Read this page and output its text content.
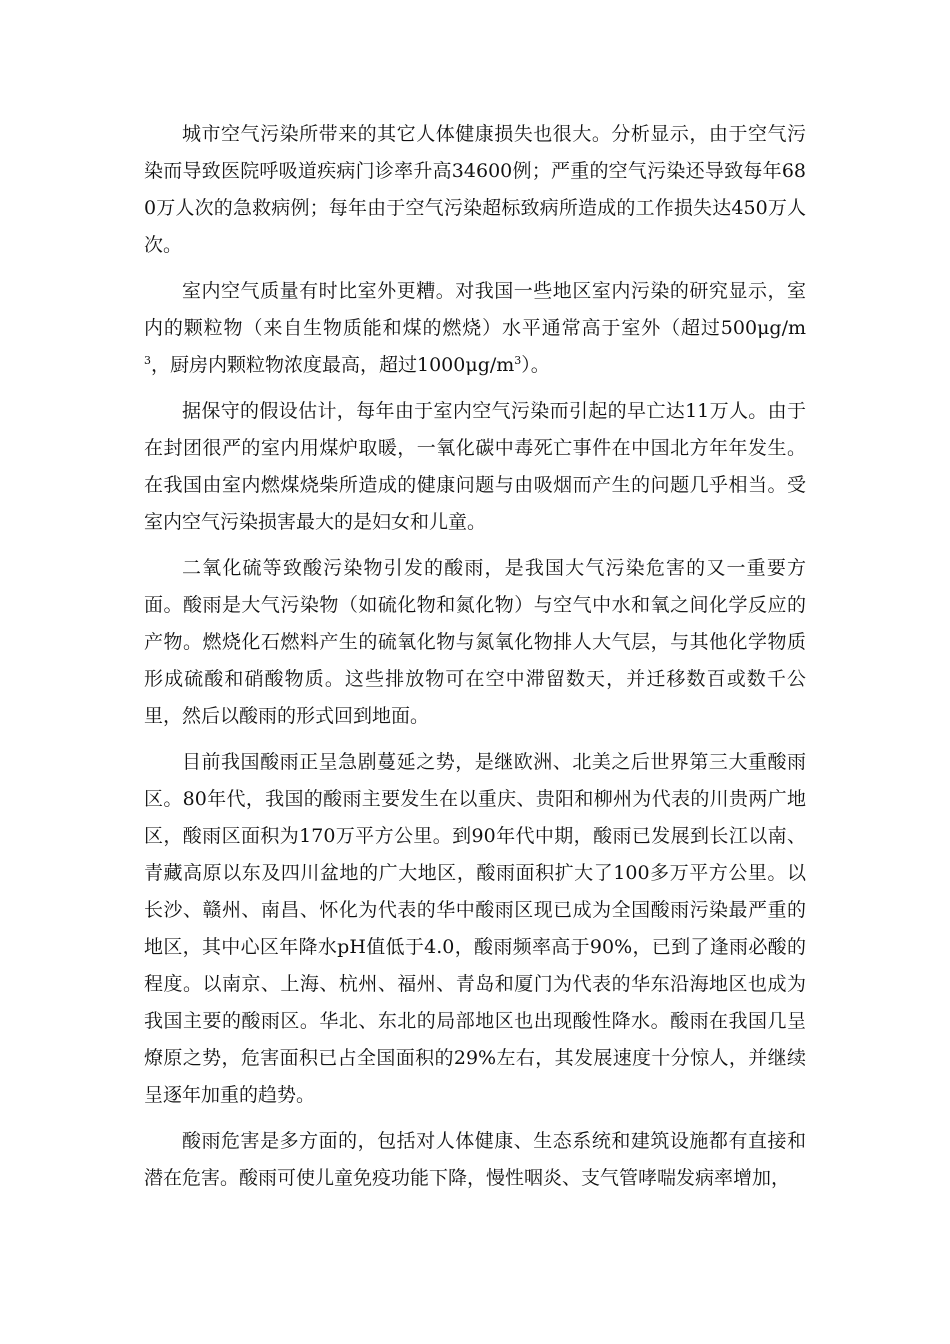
城市空气污染所带来的其它人体健康损失也很大。分析显示，由于空气污染而导致医院呼吸道疾病门诊率升高34600例；严重的空气污染还导致每年680万人次的急救病例；每年由于空气污染超标致病所造成的工作损失达450万人次。

室内空气质量有时比室外更糟。对我国一些地区室内污染的研究显示，室内的颗粒物（来自生物质能和煤的燃烧）水平通常高于室外（超过$500\mu g/m^3$，厨房内颗粒物浓度最高，超过$1000\mu g/m^3$）。

据保守的假设估计，每年由于室内空气污染而引起的早亡达11万人。由于在封团很严的室内用煤炉取暖，一氧化碳中毒死亡事件在中国北方年年发生。在我国由室内燃煤烧柴所造成的健康问题与由吸烟而产生的问题几乎相当。受室内空气污染损害最大的是妇女和儿童。

二氧化硫等致酸污染物引发的酸雨，是我国大气污染危害的又一重要方面。酸雨是大气污染物（如硫化物和氮化物）与空气中水和氧之间化学反应的产物。燃烧化石燃料产生的硫氧化物与氮氧化物排人大气层，与其他化学物质形成硫酸和硝酸物质。这些排放物可在空中滞留数天，并迁移数百或数千公里，然后以酸雨的形式回到地面。

目前我国酸雨正呈急剧蔓延之势，是继欧洲、北美之后世界第三大重酸雨区。80年代，我国的酸雨主要发生在以重庆、贵阳和柳州为代表的川贵两广地区，酸雨区面积为170万平方公里。到90年代中期，酸雨已发展到长江以南、青藏高原以东及四川盆地的广大地区，酸雨面积扩大了100多万平方公里。以长沙、赣州、南昌、怀化为代表的华中酸雨区现已成为全国酸雨污染最严重的地区，其中心区年降水pH值低于4.0，酸雨频率高于90%，已到了逢雨必酸的程度。以南京、上海、杭州、福州、青岛和厦门为代表的华东沿海地区也成为我国主要的酸雨区。华北、东北的局部地区也出现酸性降水。酸雨在我国几呈燎原之势，危害面积已占全国面积的29%左右，其发展速度十分惊人，并继续呈逐年加重的趋势。

酸雨危害是多方面的，包括对人体健康、生态系统和建筑设施都有直接和潜在危害。酸雨可使儿童免疫功能下降，慢性咽炎、支气管哮喘发病率增加，
